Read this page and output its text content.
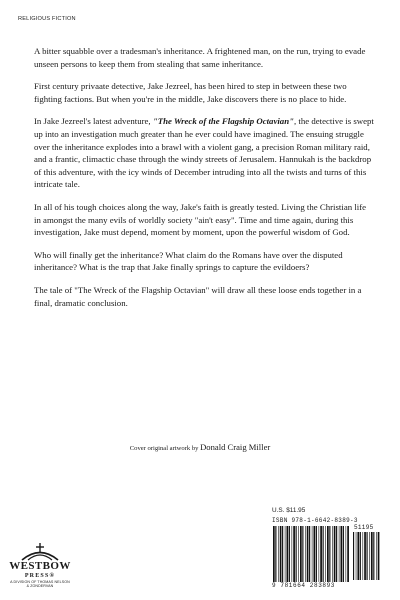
RELIGIOUS FICTION

A bitter squabble over a tradesman's inheritance. A frightened man, on the run, trying to evade unseen persons to keep them from stealing that same inheritance.

First century privaate detective, Jake Jezreel, has been hired to step in between these two fighting factions. But when you're in the middle, Jake discovers there is no place to hide.

In Jake Jezreel's latest adventure, "The Wreck of the Flagship Octavian", the detective is swept up into an investigation much greater than he ever could have imagined. The ensuing struggle over the inheritance explodes into a brawl with a violent gang, a precision Roman military raid, and a frantic, climactic chase through the windy streets of Jerusalem. Hannukah is the backdrop of this adventure, with the icy winds of December intruding into all the twists and turns of this intricate tale.

In all of his tough choices along the way, Jake's faith is greatly tested. Living the Christian life in amongst the many evils of worldly society "ain't easy". Time and time again, during this investigation, Jake must depend, moment by moment, upon the powerful wisdom of God.

Who will finally get the inheritance? What claim do the Romans have over the disputed inheritance? What is the trap that Jake finally springs to capture the evildoers?

The tale of "The Wreck of the Flagship Octavian" will draw all these loose ends together in a final, dramatic conclusion.

Cover original artwork by Donald Craig Miller
WESTBOW
PRESS®
A DIVISION OF THOMAS NELSON
& ZONDERVAN
U.S. $11.95
ISBN 978-1-6642-8389-3
51195
9 781664 283893
